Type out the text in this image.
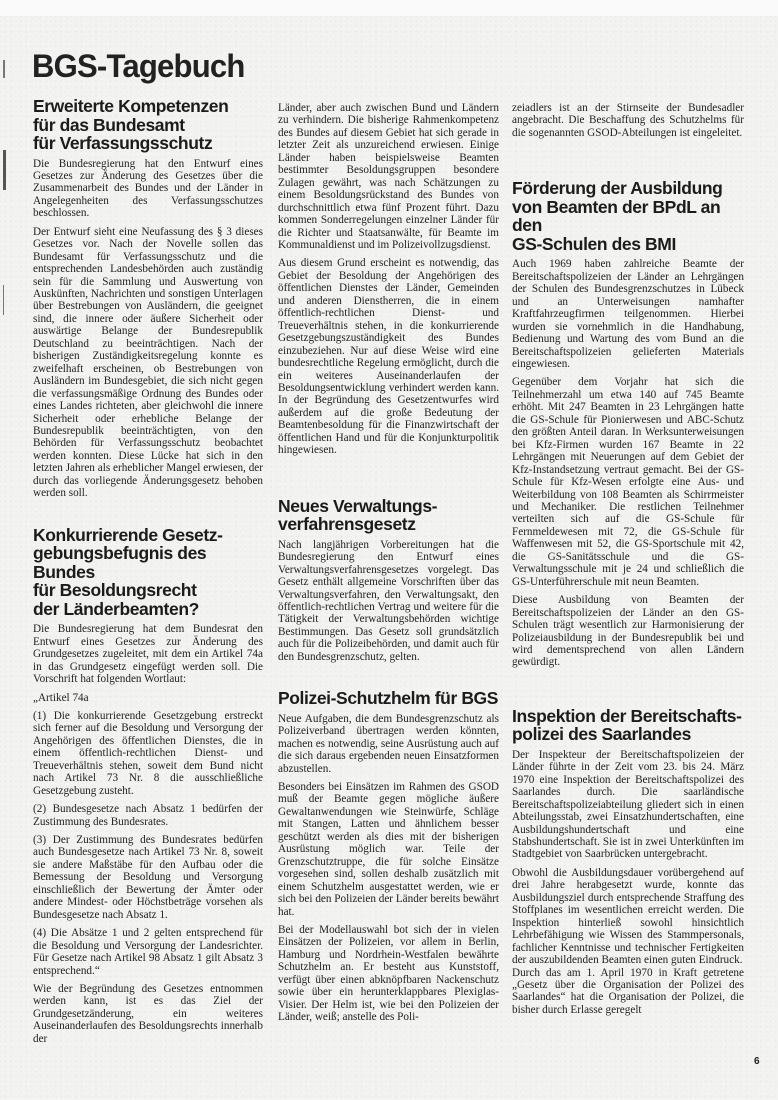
BGS-Tagebuch
Erweiterte Kompetenzen
für das Bundesamt
für Verfassungsschutz

Die Bundesregierung hat den Entwurf eines Gesetzes zur Änderung des Gesetzes über die Zusammenarbeit des Bundes und der Länder in Angelegenheiten des Verfassungsschutzes beschlossen.

Der Entwurf sieht eine Neufassung des § 3 dieses Gesetzes vor. Nach der Novelle sollen das Bundesamt für Verfassungsschutz und die entsprechenden Landesbehörden auch zuständig sein für die Sammlung und Auswertung von Auskünften, Nachrichten und sonstigen Unterlagen über Bestrebungen von Ausländern, die geeignet sind, die innere oder äußere Sicherheit oder auswärtige Belange der Bundesrepublik Deutschland zu beeinträchtigen. Nach der bisherigen Zuständigkeitsregelung konnte es zweifelhaft erscheinen, ob Bestrebungen von Ausländern im Bundesgebiet, die sich nicht gegen die verfassungsmäßige Ordnung des Bundes oder eines Landes richteten, aber gleichwohl die innere Sicherheit oder erhebliche Belange der Bundesrepublik beeinträchtigten, von den Behörden für Verfassungsschutz beobachtet werden konnten. Diese Lücke hat sich in den letzten Jahren als erheblicher Mangel erwiesen, der durch das vorliegende Änderungsgesetz behoben werden soll.

Konkurrierende Gesetz-
gebungsbefugnis des Bundes
für Besoldungsrecht
der Länderbeamten?

Die Bundesregierung hat dem Bundesrat den Entwurf eines Gesetzes zur Änderung des Grundgesetzes zugeleitet, mit dem ein Artikel 74a in das Grundgesetz eingefügt werden soll. Die Vorschrift hat folgenden Wortlaut:

„Artikel 74a

(1) Die konkurrierende Gesetzgebung erstreckt sich ferner auf die Besoldung und Versorgung der Angehörigen des öffentlichen Dienstes, die in einem öffentlich-rechtlichen Dienst- und Treueverhältnis stehen, soweit dem Bund nicht nach Artikel 73 Nr. 8 die ausschließliche Gesetzgebung zusteht.

(2) Bundesgesetze nach Absatz 1 bedürfen der Zustimmung des Bundesrates.

(3) Der Zustimmung des Bundesrates bedürfen auch Bundesgesetze nach Artikel 73 Nr. 8, soweit sie andere Maßstäbe für den Aufbau oder die Bemessung der Besoldung und Versorgung einschließlich der Bewertung der Ämter oder andere Mindest- oder Höchstbeträge vorsehen als Bundesgesetze nach Absatz 1.

(4) Die Absätze 1 und 2 gelten entsprechend für die Besoldung und Versorgung der Landesrichter. Für Gesetze nach Artikel 98 Absatz 1 gilt Absatz 3 entsprechend.“

Wie der Begründung des Gesetzes entnommen werden kann, ist es das Ziel der Grundgesetzänderung, ein weiteres Auseinanderlaufen des Besoldungsrechts innerhalb der

Länder, aber auch zwischen Bund und Ländern zu verhindern. Die bisherige Rahmenkompetenz des Bundes auf diesem Gebiet hat sich gerade in letzter Zeit als unzureichend erwiesen. Einige Länder haben beispielsweise Beamten bestimmter Besoldungsgruppen besondere Zulagen gewährt, was nach Schätzungen zu einem Besoldungsrückstand des Bundes von durchschnittlich etwa fünf Prozent führt. Dazu kommen Sonderregelungen einzelner Länder für die Richter und Staatsanwälte, für Beamte im Kommunaldienst und im Polizeivollzugsdienst.

Aus diesem Grund erscheint es notwendig, das Gebiet der Besoldung der Angehörigen des öffentlichen Dienstes der Länder, Gemeinden und anderen Dienstherren, die in einem öffentlich-rechtlichen Dienst- und Treueverhältnis stehen, in die konkurrierende Gesetzgebungszuständigkeit des Bundes einzubeziehen. Nur auf diese Weise wird eine bundesrechtliche Regelung ermöglicht, durch die ein weiteres Auseinanderlaufen der Besoldungsentwicklung verhindert werden kann. In der Begründung des Gesetzentwurfes wird außerdem auf die große Bedeutung der Beamtenbesoldung für die Finanzwirtschaft der öffentlichen Hand und für die Konjunkturpolitik hingewiesen.

Neues Verwaltungs-
verfahrensgesetz

Nach langjährigen Vorbereitungen hat die Bundesregierung den Entwurf eines Verwaltungsverfahrensgesetzes vorgelegt. Das Gesetz enthält allgemeine Vorschriften über das Verwaltungsverfahren, den Verwaltungsakt, den öffentlich-rechtlichen Vertrag und weitere für die Tätigkeit der Verwaltungsbehörden wichtige Bestimmungen. Das Gesetz soll grundsätzlich auch für die Polizeibehörden, und damit auch für den Bundesgrenzschutz, gelten.

Polizei-Schutzhelm für BGS

Neue Aufgaben, die dem Bundesgrenzschutz als Polizeiverband übertragen werden könnten, machen es notwendig, seine Ausrüstung auch auf die sich daraus ergebenden neuen Einsatzformen abzustellen.

Besonders bei Einsätzen im Rahmen des GSOD muß der Beamte gegen mögliche äußere Gewaltanwendungen wie Steinwürfe, Schläge mit Stangen, Latten und ähnlichem besser geschützt werden als dies mit der bisherigen Ausrüstung möglich war. Teile der Grenzschutztruppe, die für solche Einsätze vorgesehen sind, sollen deshalb zusätzlich mit einem Schutzhelm ausgestattet werden, wie er sich bei den Polizeien der Länder bereits bewährt hat.

Bei der Modellauswahl bot sich der in vielen Einsätzen der Polizeien, vor allem in Berlin, Hamburg und Nordrhein-Westfalen bewährte Schutzhelm an. Er besteht aus Kunststoff, verfügt über einen abknöpfbaren Nackenschutz sowie über ein herunterklappbares Plexiglas-Visier. Der Helm ist, wie bei den Polizeien der Länder, weiß; anstelle des Poli-

zeiadlers ist an der Stirnseite der Bundesadler angebracht. Die Beschaffung des Schutzhelms für die sogenannten GSOD-Abteilungen ist eingeleitet.

Förderung der Ausbildung
von Beamten der BPdL an den
GS-Schulen des BMI

Auch 1969 haben zahlreiche Beamte der Bereitschaftspolizeien der Länder an Lehrgängen der Schulen des Bundesgrenzschutzes in Lübeck und an Unterweisungen namhafter Kraftfahrzeugfirmen teilgenommen. Hierbei wurden sie vornehmlich in die Handhabung, Bedienung und Wartung des vom Bund an die Bereitschaftspolizeien gelieferten Materials eingewiesen.

Gegenüber dem Vorjahr hat sich die Teilnehmerzahl um etwa 140 auf 745 Beamte erhöht. Mit 247 Beamten in 23 Lehrgängen hatte die GS-Schule für Pionierwesen und ABC-Schutz den größten Anteil daran. In Werksunterweisungen bei Kfz-Firmen wurden 167 Beamte in 22 Lehrgängen mit Neuerungen auf dem Gebiet der Kfz-Instandsetzung vertraut gemacht. Bei der GS-Schule für Kfz-Wesen erfolgte eine Aus- und Weiterbildung von 108 Beamten als Schirrmeister und Mechaniker. Die restlichen Teilnehmer verteilten sich auf die GS-Schule für Fernmeldewesen mit 72, die GS-Schule für Waffenwesen mit 52, die GS-Sportschule mit 42, die GS-Sanitätsschule und die GS-Verwaltungsschule mit je 24 und schließlich die GS-Unterführerschule mit neun Beamten.

Diese Ausbildung von Beamten der Bereitschaftspolizeien der Länder an den GS-Schulen trägt wesentlich zur Harmonisierung der Polizeiausbildung in der Bundesrepublik bei und wird dementsprechend von allen Ländern gewürdigt.

Inspektion der Bereitschafts-
polizei des Saarlandes

Der Inspekteur der Bereitschaftspolizeien der Länder führte in der Zeit vom 23. bis 24. März 1970 eine Inspektion der Bereitschaftspolizei des Saarlandes durch. Die saarländische Bereitschaftspolizeiabteilung gliedert sich in einen Abteilungsstab, zwei Einsatzhundertschaften, eine Ausbildungshundertschaft und eine Stabshundertschaft. Sie ist in zwei Unterkünften im Stadtgebiet von Saarbrücken untergebracht.

Obwohl die Ausbildungsdauer vorübergehend auf drei Jahre herabgesetzt wurde, konnte das Ausbildungsziel durch entsprechende Straffung des Stoffplanes im wesentlichen erreicht werden. Die Inspektion hinterließ sowohl hinsichtlich Lehrbefähigung wie Wissen des Stammpersonals, fachlicher Kenntnisse und technischer Fertigkeiten der auszubildenden Beamten einen guten Eindruck.

Durch das am 1. April 1970 in Kraft getretene „Gesetz über die Organisation der Polizei des Saarlandes“ hat die Organisation der Polizei, die bisher durch Erlasse geregelt

6
